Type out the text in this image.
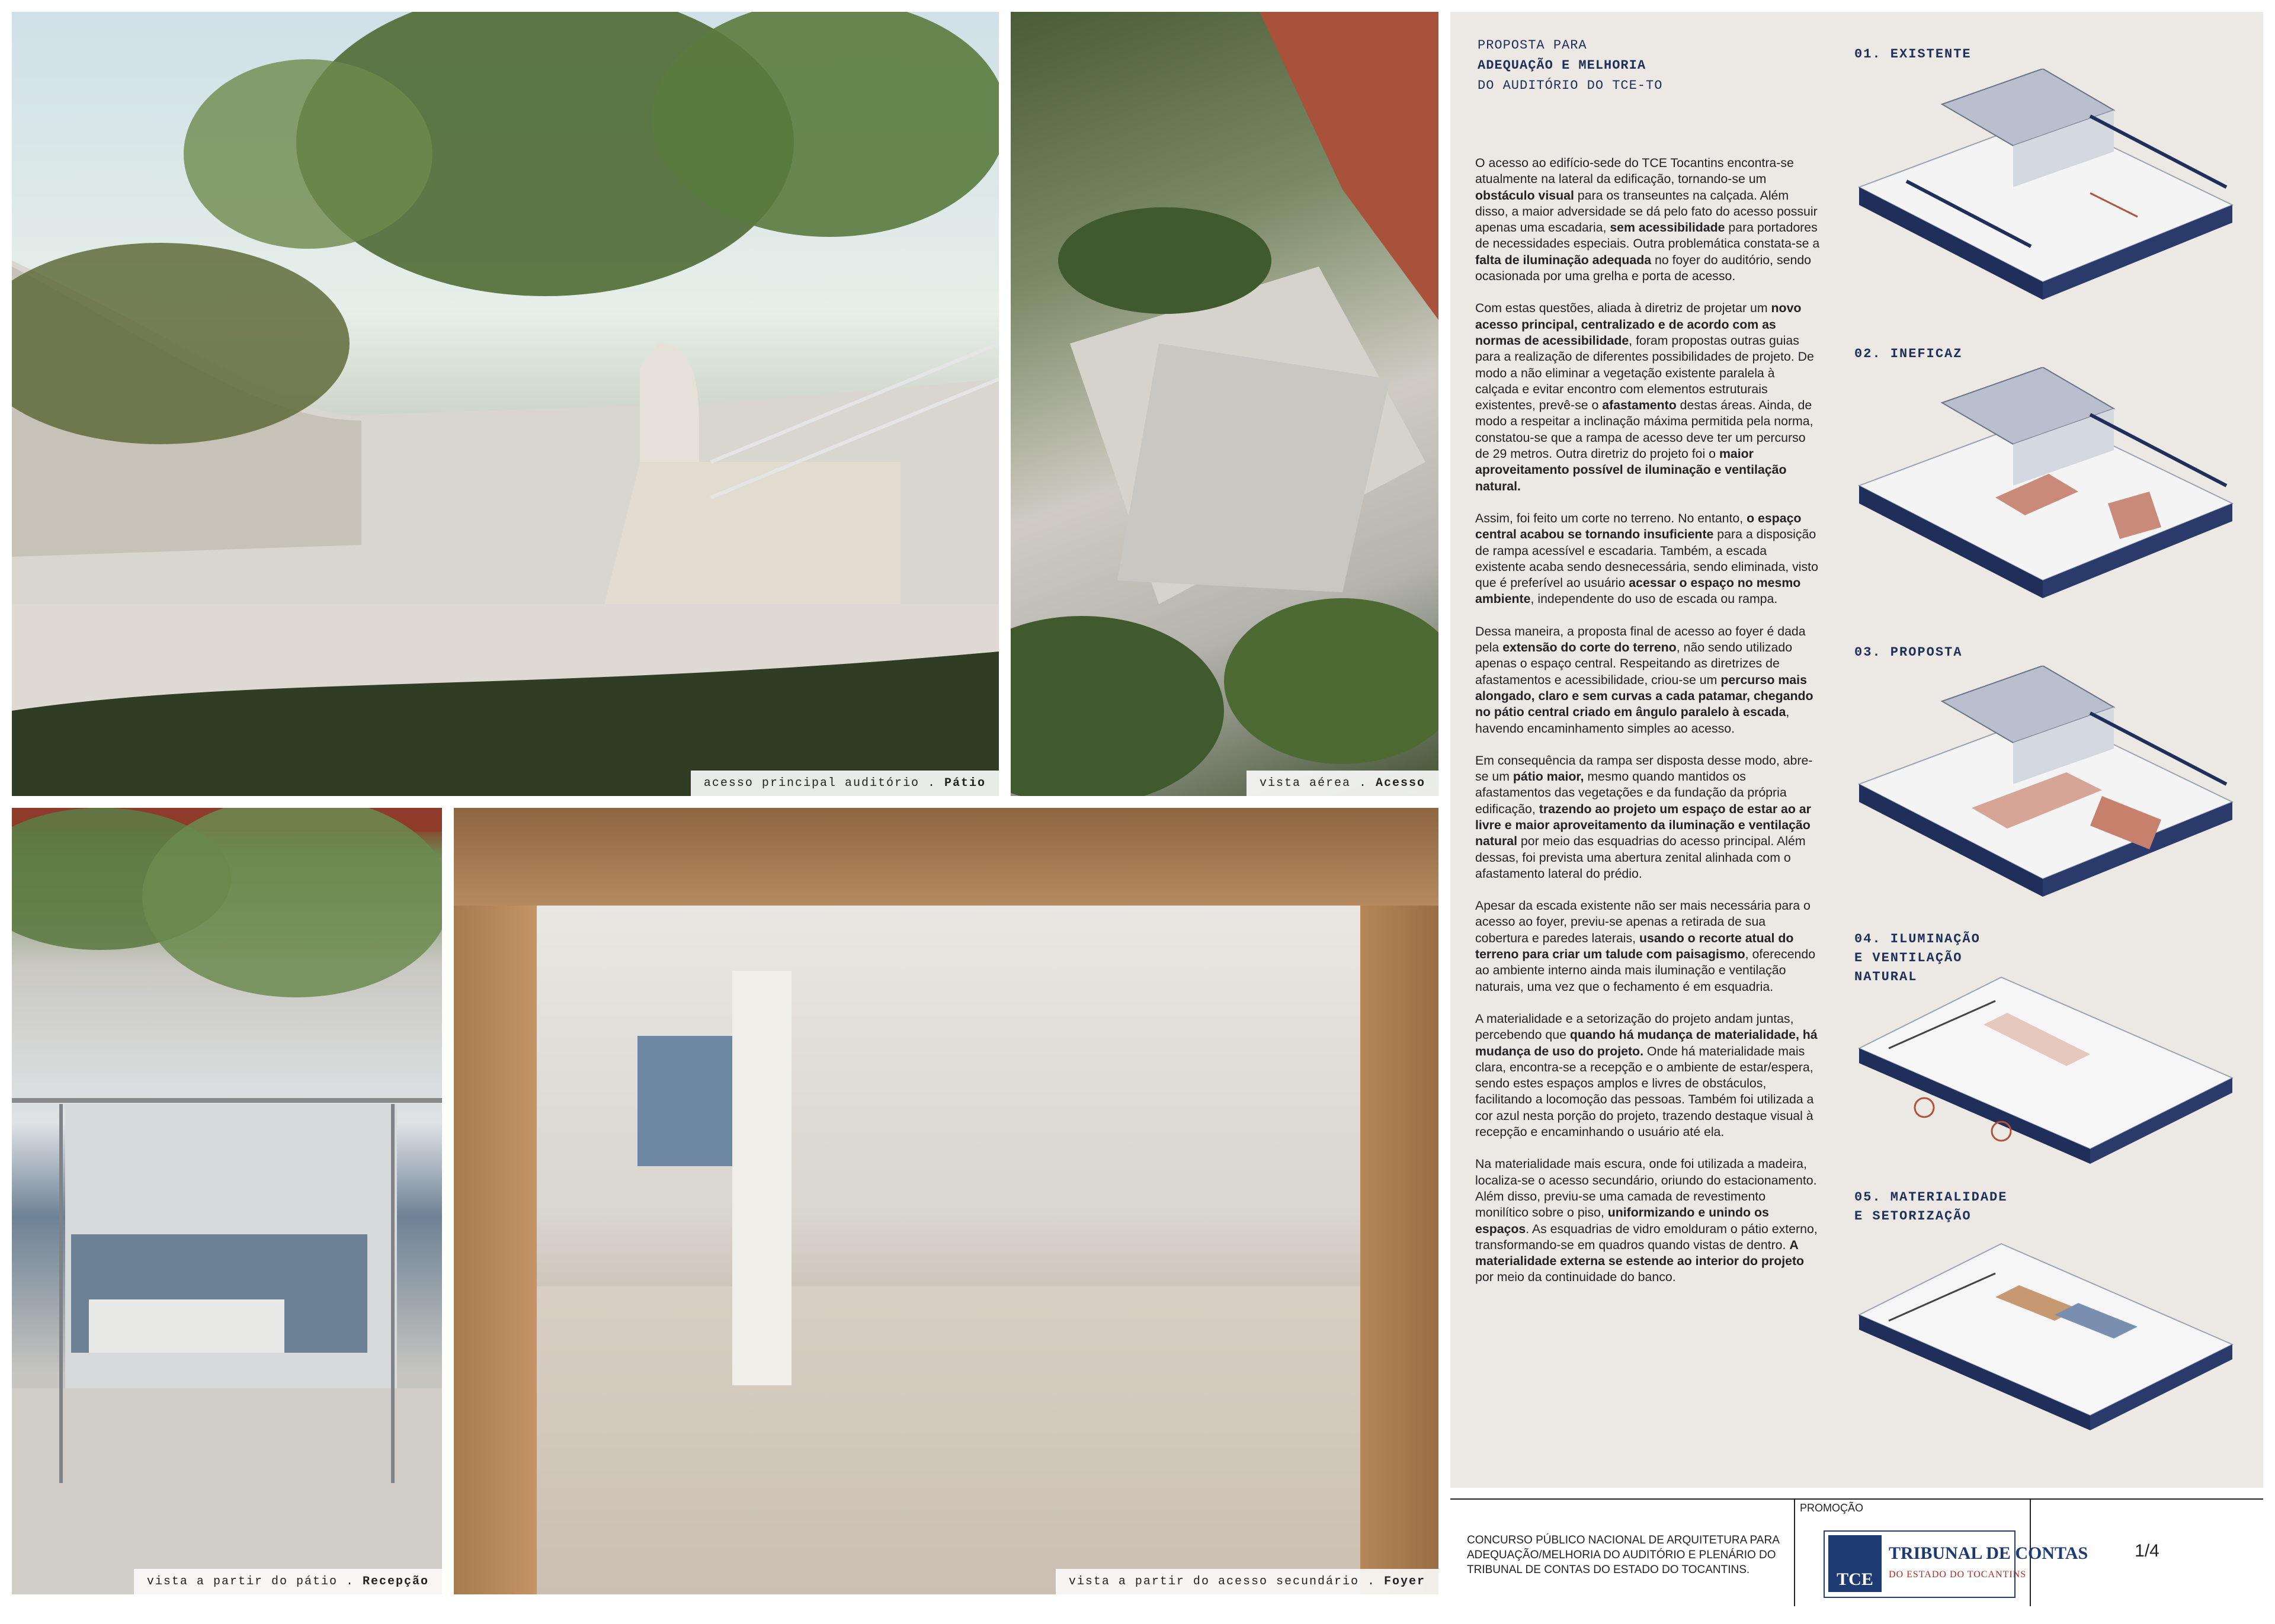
acesso principal auditório . Pátio	vista aérea . Acesso
vista a partir do pátio . Recepção	vista a partir do acesso secundário . Foyer
PROPOSTA PARA
ADEQUAÇÃO E MELHORIA
DO AUDITÓRIO DO TCE-TO

O acesso ao edifício-sede do TCE Tocantins encontra-se atualmente na lateral da edificação, tornando-se um obstáculo visual para os transeuntes na calçada. Além disso, a maior adversidade se dá pelo fato do acesso possuir apenas uma escadaria, sem acessibilidade para portadores de necessidades especiais. Outra problemática constata-se a falta de iluminação adequada no foyer do auditório, sendo ocasionada por uma grelha e porta de acesso.

Com estas questões, aliada à diretriz de projetar um novo acesso principal, centralizado e de acordo com as normas de acessibilidade, foram propostas outras guias para a realização de diferentes possibilidades de projeto. De modo a não eliminar a vegetação existente paralela à calçada e evitar encontro com elementos estruturais existentes, prevê-se o afastamento destas áreas. Ainda, de modo a respeitar a inclinação máxima permitida pela norma, constatou-se que a rampa de acesso deve ter um percurso de 29 metros. Outra diretriz do projeto foi o maior aproveitamento possível de iluminação e ventilação natural.

Assim, foi feito um corte no terreno. No entanto, o espaço central acabou se tornando insuficiente para a disposição de rampa acessível e escadaria. Também, a escada existente acaba sendo desnecessária, sendo eliminada, visto que é preferível ao usuário acessar o espaço no mesmo ambiente, independente do uso de escada ou rampa.

Dessa maneira, a proposta final de acesso ao foyer é dada pela extensão do corte do terreno, não sendo utilizado apenas o espaço central. Respeitando as diretrizes de afastamentos e acessibilidade, criou-se um percurso mais alongado, claro e sem curvas a cada patamar, chegando no pátio central criado em ângulo paralelo à escada, havendo encaminhamento simples ao acesso.

Em consequência da rampa ser disposta desse modo, abre-se um pátio maior, mesmo quando mantidos os afastamentos das vegetações e da fundação da própria edificação, trazendo ao projeto um espaço de estar ao ar livre e maior aproveitamento da iluminação e ventilação natural por meio das esquadrias do acesso principal. Além dessas, foi prevista uma abertura zenital alinhada com o afastamento lateral do prédio.

Apesar da escada existente não ser mais necessária para o acesso ao foyer, previu-se apenas a retirada de sua cobertura e paredes laterais, usando o recorte atual do terreno para criar um talude com paisagismo, oferecendo ao ambiente interno ainda mais iluminação e ventilação naturais, uma vez que o fechamento é em esquadria.

A materialidade e a setorização do projeto andam juntas, percebendo que quando há mudança de materialidade, há mudança de uso do projeto. Onde há materialidade mais clara, encontra-se a recepção e o ambiente de estar/espera, sendo estes espaços amplos e livres de obstáculos, facilitando a locomoção das pessoas. Também foi utilizada a cor azul nesta porção do projeto, trazendo destaque visual à recepção e encaminhando o usuário até ela.

Na materialidade mais escura, onde foi utilizada a madeira, localiza-se o acesso secundário, oriundo do estacionamento. Além disso, previu-se uma camada de revestimento monilítico sobre o piso, uniformizando e unindo os espaços. As esquadrias de vidro emolduram o pátio externo, transformando-se em quadros quando vistas de dentro. A materialidade externa se estende ao interior do projeto por meio da continuidade do banco.

01. EXISTENTE
02. INEFICAZ
03. PROPOSTA
04. ILUMINAÇÃO
E VENTILAÇÃO
NATURAL
05. MATERIALIDADE
E SETORIZAÇÃO
CONCURSO PÚBLICO NACIONAL DE ARQUITETURA PARA ADEQUAÇÃO/MELHORIA DO AUDITÓRIO E PLENÁRIO DO TRIBUNAL DE CONTAS DO ESTADO DO TOCANTINS.
PROMOÇÃO
TCE
TRIBUNAL DE CONTAS
DO ESTADO DO TOCANTINS
1/4
